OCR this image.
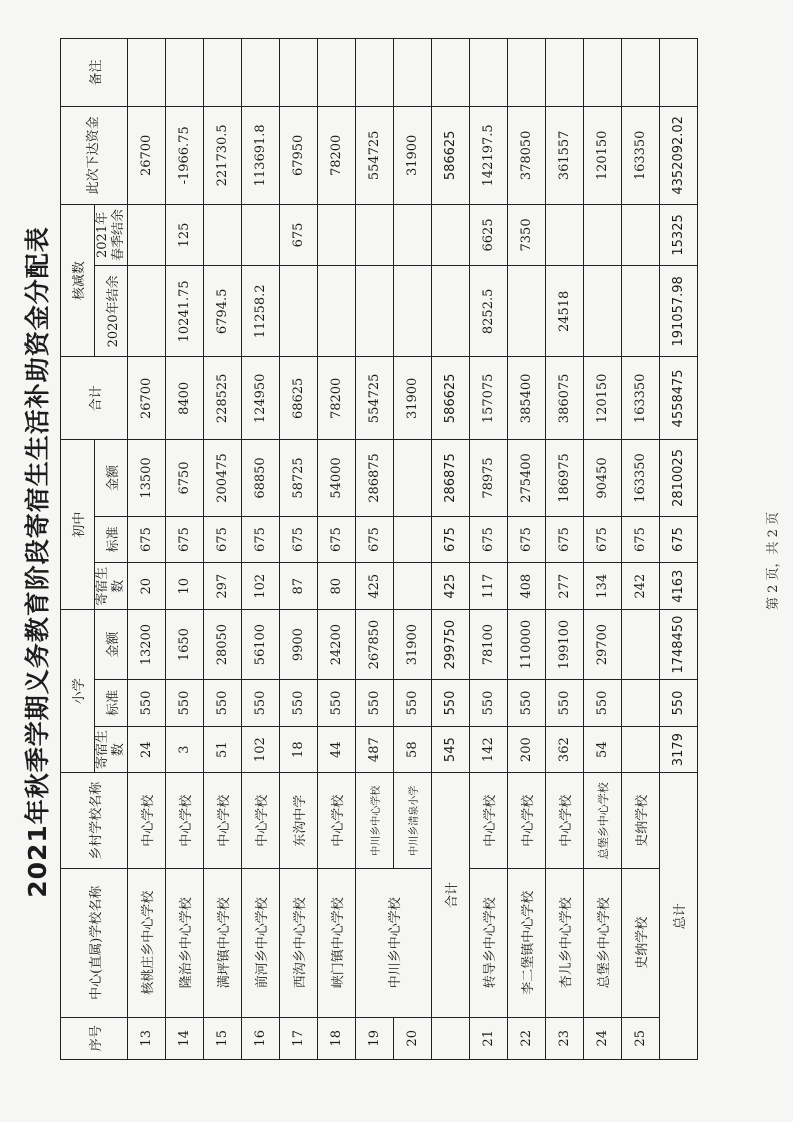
2021年秋季学期义务教育阶段寄宿生生活补助资金分配表
序号	中心(直属)学校名称	乡村学校名称	小学			初中			合计	核减数		此次下达资金	备注
			寄宿生数	标准	金额	寄宿生数	标准	金额		2020年结余	2021年春季结余		

13	核桃庄乡中心学校	中心学校	24	550	13200	20	675	13500	26700			26700	
14	隆治乡中心学校	中心学校	3	550	1650	10	675	6750	8400	10241.75	125	-1966.75	
15	满坪镇中心学校	中心学校	51	550	28050	297	675	200475	228525	6794.5		221730.5	
16	前河乡中心学校	中心学校	102	550	56100	102	675	68850	124950	11258.2		113691.8	
17	西沟乡中心学校	东沟中学	18	550	9900	87	675	58725	68625		675	67950	
18	峡门镇中心学校	中心学校	44	550	24200	80	675	54000	78200			78200	
19	中川乡中心学校	中川乡中心学校	487	550	267850	425	675	286875	554725			554725	
20		中川乡清泉小学	58	550	31900				31900			31900	
	合计		545	550	299750	425	675	286875	586625			586625	
21	转导乡中心学校	中心学校	142	550	78100	117	675	78975	157075	8252.5	6625	142197.5	
22	李二堡镇中心学校	中心学校	200	550	110000	408	675	275400	385400		7350	378050	
23	杏儿乡中心学校	中心学校	362	550	199100	277	675	186975	386075	24518		361557	
24	总堡乡中心学校	总堡乡中心学校	54	550	29700	134	675	90450	120150			120150	
25	史纳学校	史纳学校				242	675	163350	163350			163350	
总计			3179	550	1748450	4163	675	2810025	4558475	191057.98	15325	4352092.02	
第 2 页，共 2 页
